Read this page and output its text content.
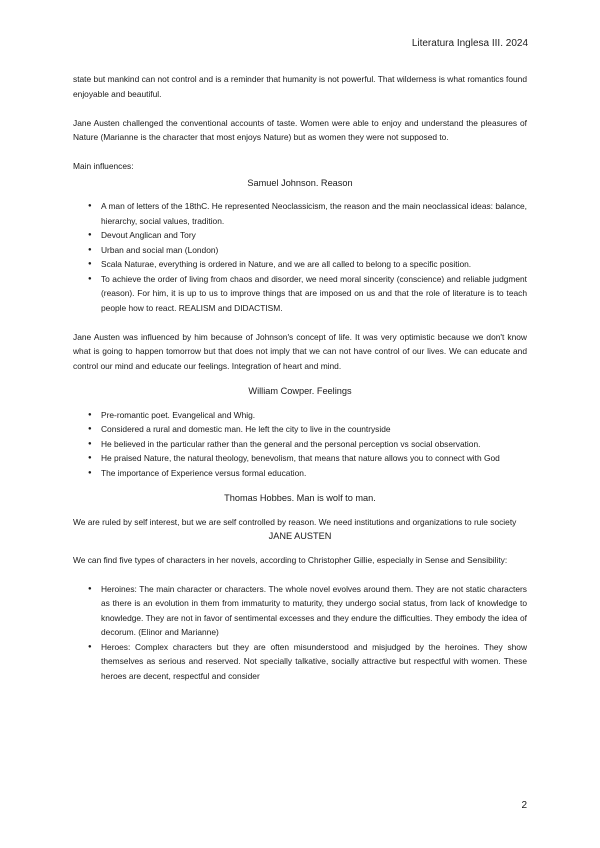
Literatura Inglesa III. 2024

state but mankind can not control and is a reminder that humanity is not powerful. That wilderness is what romantics found enjoyable and beautiful.

Jane Austen challenged the conventional accounts of taste. Women were able to enjoy and understand the pleasures of Nature (Marianne is the character that most enjoys Nature) but as women they were not supposed to.

Main influences:

Samuel Johnson. Reason
● A man of letters of the 18thC. He represented Neoclassicism, the reason and the main neoclassical ideas: balance, hierarchy, social values, tradition.
● Devout Anglican and Tory
● Urban and social man (London)
● Scala Naturae, everything is ordered in Nature, and we are all called to belong to a specific position.
● To achieve the order of living from chaos and disorder, we need moral sincerity (conscience) and reliable judgment (reason). For him, it is up to us to improve things that are imposed on us and that the role of literature is to teach people how to react. REALISM and DIDACTISM.

Jane Austen was influenced by him because of Johnson's concept of life. It was very optimistic because we don't know what is going to happen tomorrow but that does not imply that we can not have control of our lives. We can educate and control our mind and educate our feelings. Integration of heart and mind.

William Cowper. Feelings
● Pre-romantic poet. Evangelical and Whig.
● Considered a rural and domestic man. He left the city to live in the countryside
● He believed in the particular rather than the general and the personal perception vs social observation.
● He praised Nature, the natural theology, benevolism, that means that nature allows you to connect with God
● The importance of Experience versus formal education.
Thomas Hobbes. Man is wolf to man.

We are ruled by self interest, but we are self controlled by reason. We need institutions and organizations to rule society

JANE AUSTEN

We can find five types of characters in her novels, according to Christopher Gillie, especially in Sense and Sensibility:

● Heroines: The main character or characters. The whole novel evolves around them. They are not static characters as there is an evolution in them from immaturity to maturity, they undergo social status, from lack of knowledge to knowledge. They are not in favor of sentimental excesses and they endure the difficulties. They embody the idea of decorum. (Elinor and Marianne)
● Heroes: Complex characters but they are often misunderstood and misjudged by the heroines. They show themselves as serious and reserved. Not specially talkative, socially attractive but respectful with women. These heroes are decent, respectful and consider
2
